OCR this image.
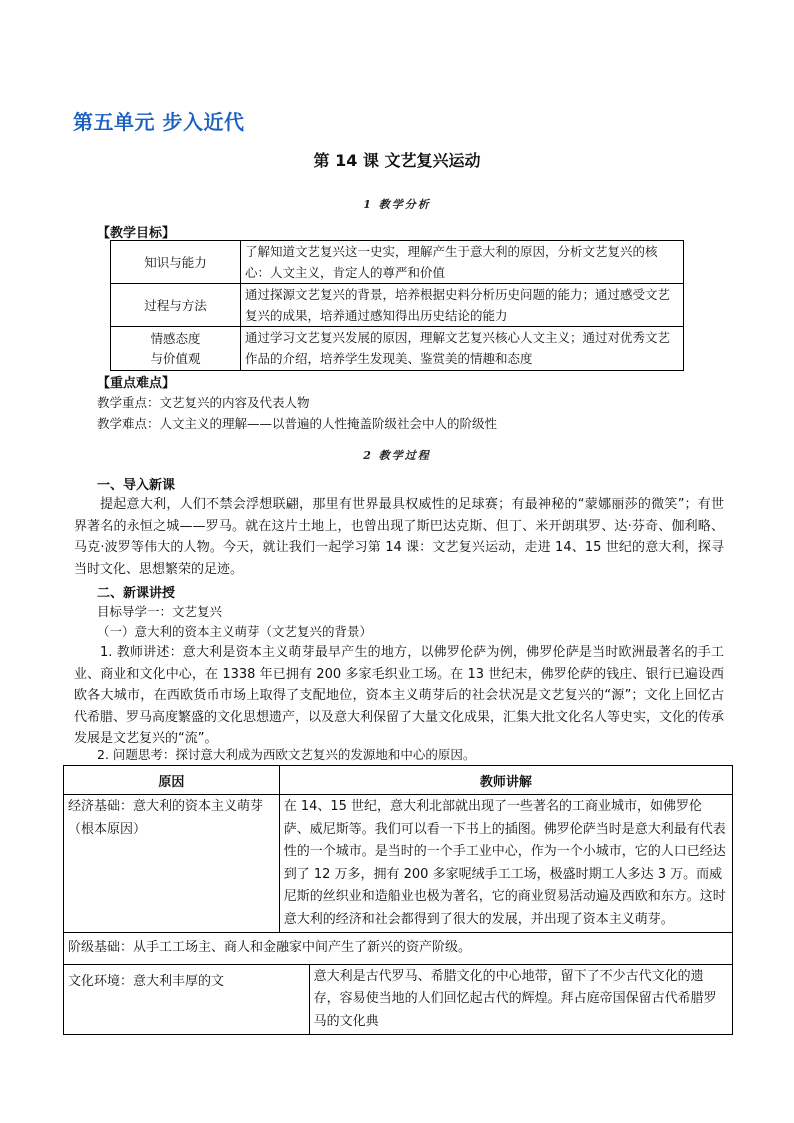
第五单元 步入近代
第 14 课 文艺复兴运动
1 教学分析
【教学目标】
知识与能力	了解知道文艺复兴这一史实，理解产生于意大利的原因，分析文艺复兴的核心：人文主义，肯定人的尊严和价值
过程与方法	通过探源文艺复兴的背景，培养根据史料分析历史问题的能力；通过感受文艺复兴的成果，培养通过感知得出历史结论的能力

情感态度
与价值观	通过学习文艺复兴发展的原因，理解文艺复兴核心人文主义；通过对优秀文艺作品的介绍，培养学生发现美、鉴赏美的情趣和态度
【重点难点】

教学重点：文艺复兴的内容及代表人物

教学难点：人文主义的理解——以普遍的人性掩盖阶级社会中人的阶级性

2 教学过程

一、导入新课

提起意大利，人们不禁会浮想联翩，那里有世界最具权威性的足球赛；有最神秘的“蒙娜丽莎的微笑”；有世界著名的永恒之城——罗马。就在这片土地上，也曾出现了斯巴达克斯、但丁、米开朗琪罗、达·芬奇、伽利略、马克·波罗等伟大的人物。今天，就让我们一起学习第 14 课：文艺复兴运动，走进 14、15 世纪的意大利，探寻当时文化、思想繁荣的足迹。

二、新课讲授

目标导学一：文艺复兴

（一）意大利的资本主义萌芽（文艺复兴的背景）

1. 教师讲述：意大利是资本主义萌芽最早产生的地方，以佛罗伦萨为例，佛罗伦萨是当时欧洲最著名的手工业、商业和文化中心，在 1338 年已拥有 200 多家毛织业工场。在 13 世纪末，佛罗伦萨的钱庄、银行已遍设西欧各大城市，在西欧货币市场上取得了支配地位，资本主义萌芽后的社会状况是文艺复兴的“源”；文化上回忆古代希腊、罗马高度繁盛的文化思想遗产，以及意大利保留了大量文化成果，汇集大批文化名人等史实，文化的传承发展是文艺复兴的“流”。

2. 问题思考：探讨意大利成为西欧文艺复兴的发源地和中心的原因。

原因	教师讲解	
经济基础：意大利的资本主义萌芽（根本原因）	在 14、15 世纪，意大利北部就出现了一些著名的工商业城市，如佛罗伦萨、威尼斯等。我们可以看一下书上的插图。佛罗伦萨当时是意大利最有代表性的一个城市。是当时的一个手工业中心，作为一个小城市，它的人口已经达到了 12 万多，拥有 200 多家呢绒手工工场，极盛时期工人多达 3 万。而威尼斯的丝织业和造船业也极为著名，它的商业贸易活动遍及西欧和东方。这时意大利的经济和社会都得到了很大的发展，并出现了资本主义萌芽。	
阶级基础：从手工工场主、商人和金融家中间产生了新兴的资产阶级。		
文化环境：意大利丰厚的文		意大利是古代罗马、希腊文化的中心地带，留下了不少古代文化的遗存，容易使当地的人们回忆起古代的辉煌。拜占庭帝国保留古代希腊罗马的文化典
